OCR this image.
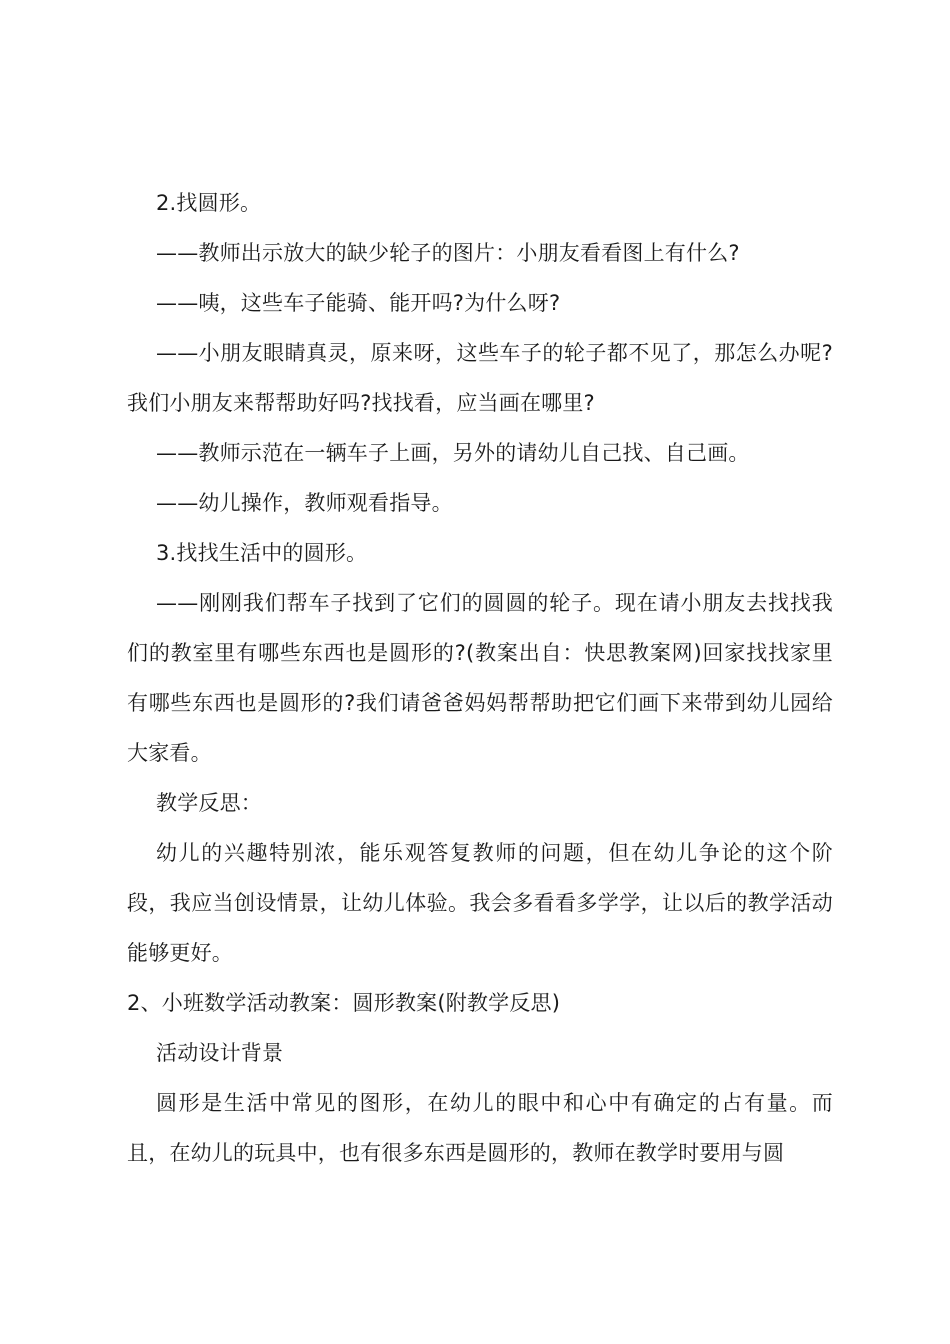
2.找圆形。

——教师出示放大的缺少轮子的图片：小朋友看看图上有什么?

——咦，这些车子能骑、能开吗?为什么呀?

——小朋友眼睛真灵，原来呀，这些车子的轮子都不见了，那怎么办呢?我们小朋友来帮帮助好吗?找找看，应当画在哪里?

——教师示范在一辆车子上画，另外的请幼儿自己找、自己画。

——幼儿操作，教师观看指导。

3.找找生活中的圆形。

——刚刚我们帮车子找到了它们的圆圆的轮子。现在请小朋友去找找我们的教室里有哪些东西也是圆形的?(教案出自：快思教案网)回家找找家里有哪些东西也是圆形的?我们请爸爸妈妈帮帮助把它们画下来带到幼儿园给大家看。

教学反思：

幼儿的兴趣特别浓，能乐观答复教师的问题，但在幼儿争论的这个阶段，我应当创设情景，让幼儿体验。我会多看看多学学，让以后的教学活动能够更好。

2、小班数学活动教案：圆形教案(附教学反思)

活动设计背景

圆形是生活中常见的图形，在幼儿的眼中和心中有确定的占有量。而且，在幼儿的玩具中，也有很多东西是圆形的，教师在教学时要用与圆
